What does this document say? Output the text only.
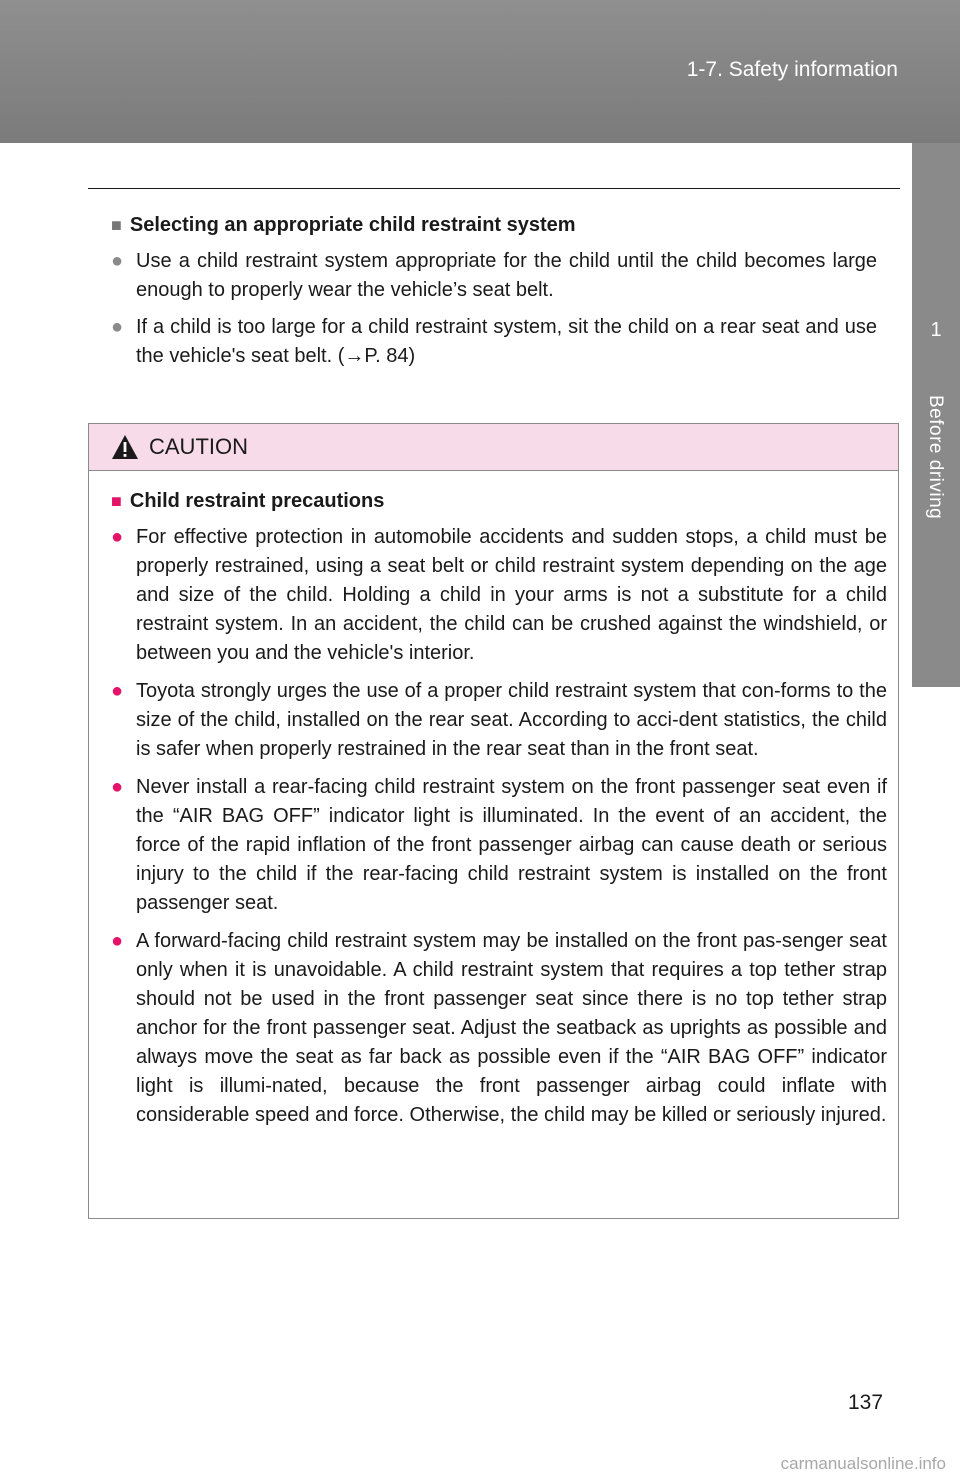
1-7. Safety information
1
Before driving
■ Selecting an appropriate child restraint system
● Use a child restraint system appropriate for the child until the child becomes large enough to properly wear the vehicle’s seat belt.
● If a child is too large for a child restraint system, sit the child on a rear seat and use the vehicle's seat belt. (→P. 84)
CAUTION
■ Child restraint precautions
● For effective protection in automobile accidents and sudden stops, a child must be properly restrained, using a seat belt or child restraint system depending on the age and size of the child. Holding a child in your arms is not a substitute for a child restraint system. In an accident, the child can be crushed against the windshield, or between you and the vehicle's interior.
● Toyota strongly urges the use of a proper child restraint system that con-forms to the size of the child, installed on the rear seat. According to acci-dent statistics, the child is safer when properly restrained in the rear seat than in the front seat.
● Never install a rear-facing child restraint system on the front passenger seat even if the “AIR BAG OFF” indicator light is illuminated. In the event of an accident, the force of the rapid inflation of the front passenger airbag can cause death or serious injury to the child if the rear-facing child restraint system is installed on the front passenger seat.
● A forward-facing child restraint system may be installed on the front pas-senger seat only when it is unavoidable. A child restraint system that requires a top tether strap should not be used in the front passenger seat since there is no top tether strap anchor for the front passenger seat. Adjust the seatback as uprights as possible and always move the seat as far back as possible even if the “AIR BAG OFF” indicator light is illumi-nated, because the front passenger airbag could inflate with considerable speed and force. Otherwise, the child may be killed or seriously injured.
137
carmanualsonline.info
